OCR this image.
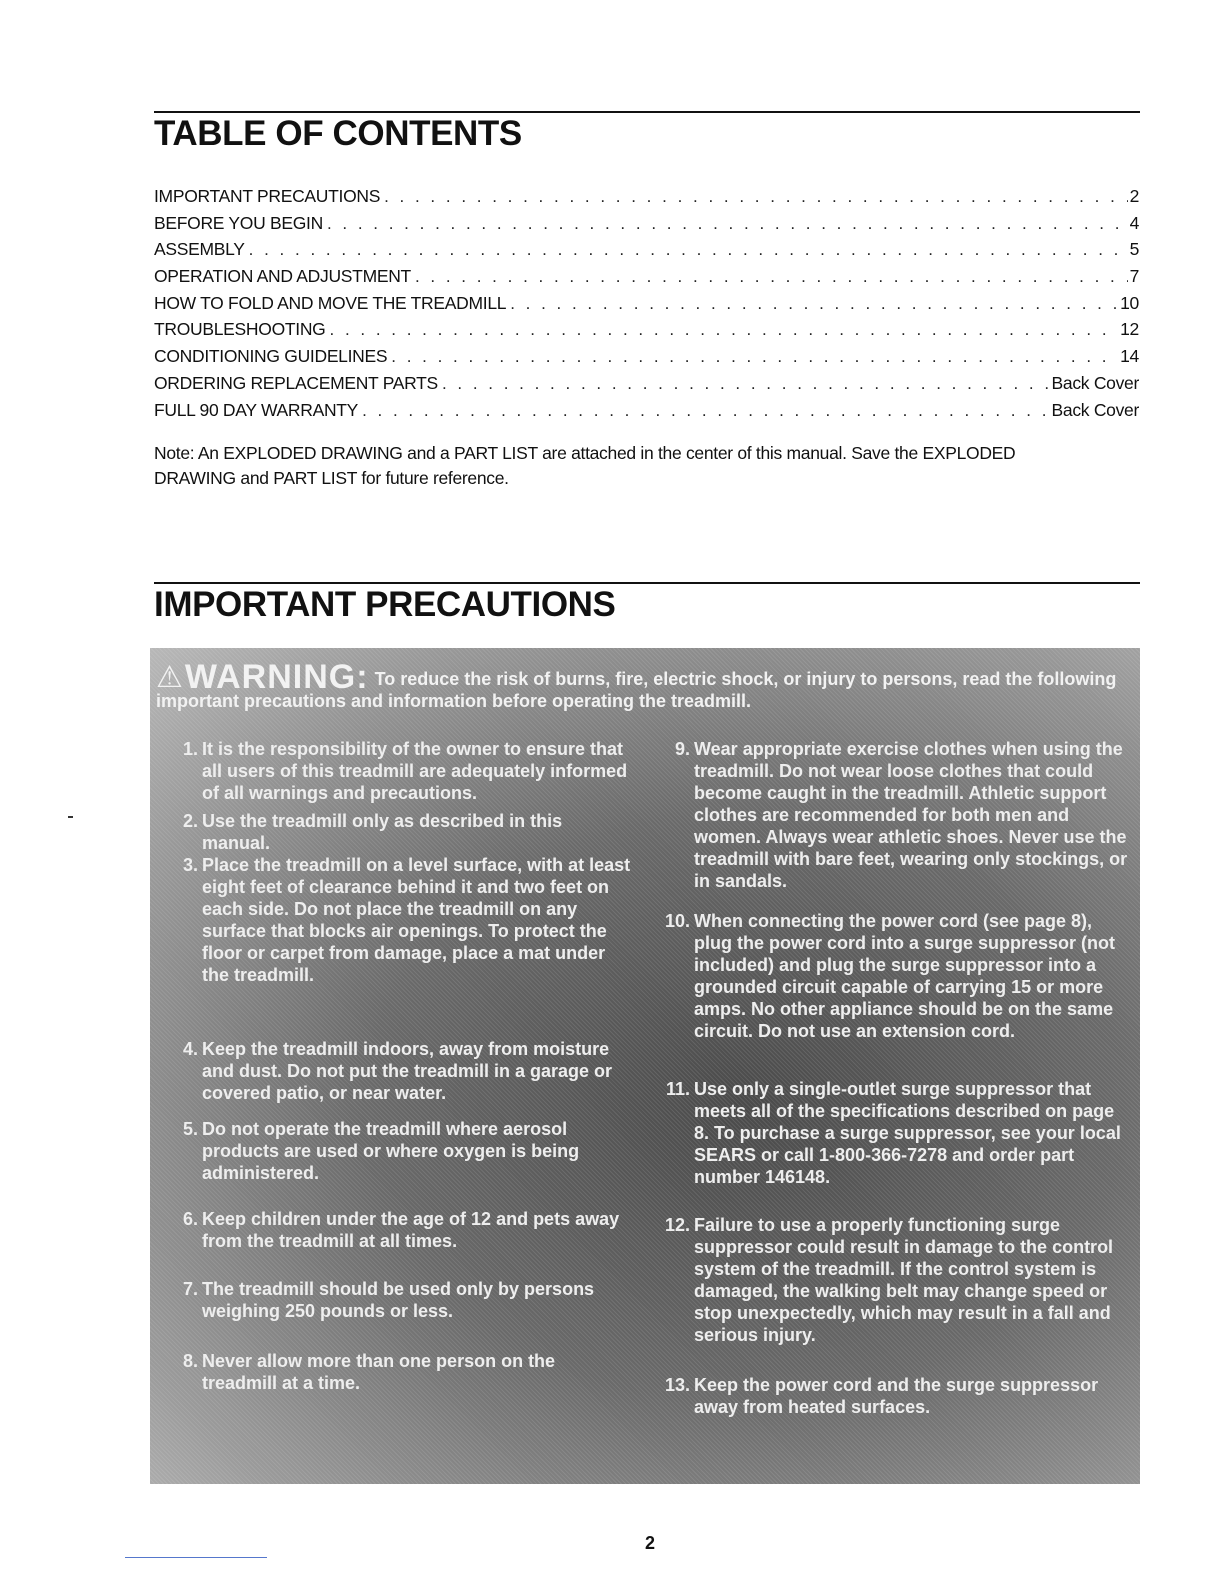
TABLE OF CONTENTS
IMPORTANT PRECAUTIONS . . .	2
BEFORE YOU BEGIN . . .	4
ASSEMBLY . . .	5
OPERATION AND ADJUSTMENT . . .	7
HOW TO FOLD AND MOVE THE TREADMILL . . .	10
TROUBLESHOOTING . . .	12
CONDITIONING GUIDELINES . . .	14
ORDERING REPLACEMENT PARTS . . .	Back Cover
FULL 90 DAY WARRANTY . . .	Back Cover

Note: An EXPLODED DRAWING and a PART LIST are attached in the center of this manual. Save the EXPLODED DRAWING and PART LIST for future reference.

IMPORTANT PRECAUTIONS
⚠WARNING: To reduce the risk of burns, fire, electric shock, or injury to persons, read the following important precautions and information before operating the treadmill.

1. It is the responsibility of the owner to ensure that all users of this treadmill are adequately informed of all warnings and precautions.

2. Use the treadmill only as described in this manual.

3. Place the treadmill on a level surface, with at least eight feet of clearance behind it and two feet on each side. Do not place the treadmill on any surface that blocks air openings. To protect the floor or carpet from damage, place a mat under the treadmill.

4. Keep the treadmill indoors, away from moisture and dust. Do not put the treadmill in a garage or covered patio, or near water.

5. Do not operate the treadmill where aerosol products are used or where oxygen is being administered.

6. Keep children under the age of 12 and pets away from the treadmill at all times.

7. The treadmill should be used only by persons weighing 250 pounds or less.

8. Never allow more than one person on the treadmill at a time.

9. Wear appropriate exercise clothes when using the treadmill. Do not wear loose clothes that could become caught in the treadmill. Athletic support clothes are recommended for both men and women. Always wear athletic shoes. Never use the treadmill with bare feet, wearing only stockings, or in sandals.

10. When connecting the power cord (see page 8), plug the power cord into a surge suppressor (not included) and plug the surge suppressor into a grounded circuit capable of carrying 15 or more amps. No other appliance should be on the same circuit. Do not use an extension cord.

11. Use only a single-outlet surge suppressor that meets all of the specifications described on page 8. To purchase a surge suppressor, see your local SEARS or call 1-800-366-7278 and order part number 146148.

12. Failure to use a properly functioning surge suppressor could result in damage to the control system of the treadmill. If the control system is damaged, the walking belt may change speed or stop unexpectedly, which may result in a fall and serious injury.

13. Keep the power cord and the surge suppressor away from heated surfaces.

2
